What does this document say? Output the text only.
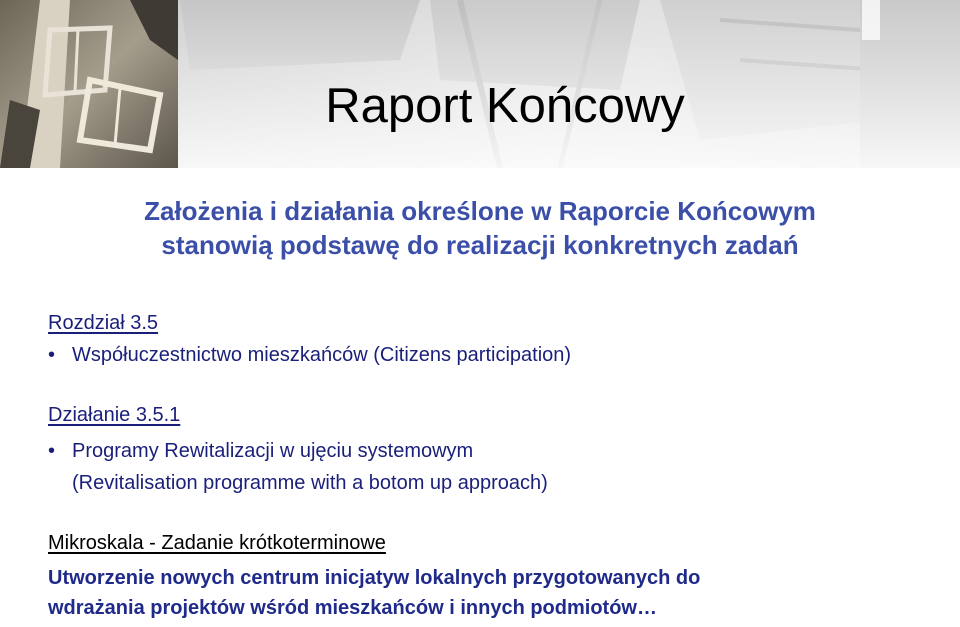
Raport Końcowy
Założenia i działania określone w Raporcie Końcowym
stanowią podstawę do realizacji konkretnych zadań
Rozdział 3.5
• Współuczestnictwo mieszkańców (Citizens participation)
Działanie 3.5.1
• Programy Rewitalizacji w ujęciu systemowym
(Revitalisation programme with a botom up approach)
Mikroskala - Zadanie krótkoterminowe
Utworzenie nowych centrum inicjatyw lokalnych przygotowanych do
wdrażania projektów wśród mieszkańców i innych podmiotów…
